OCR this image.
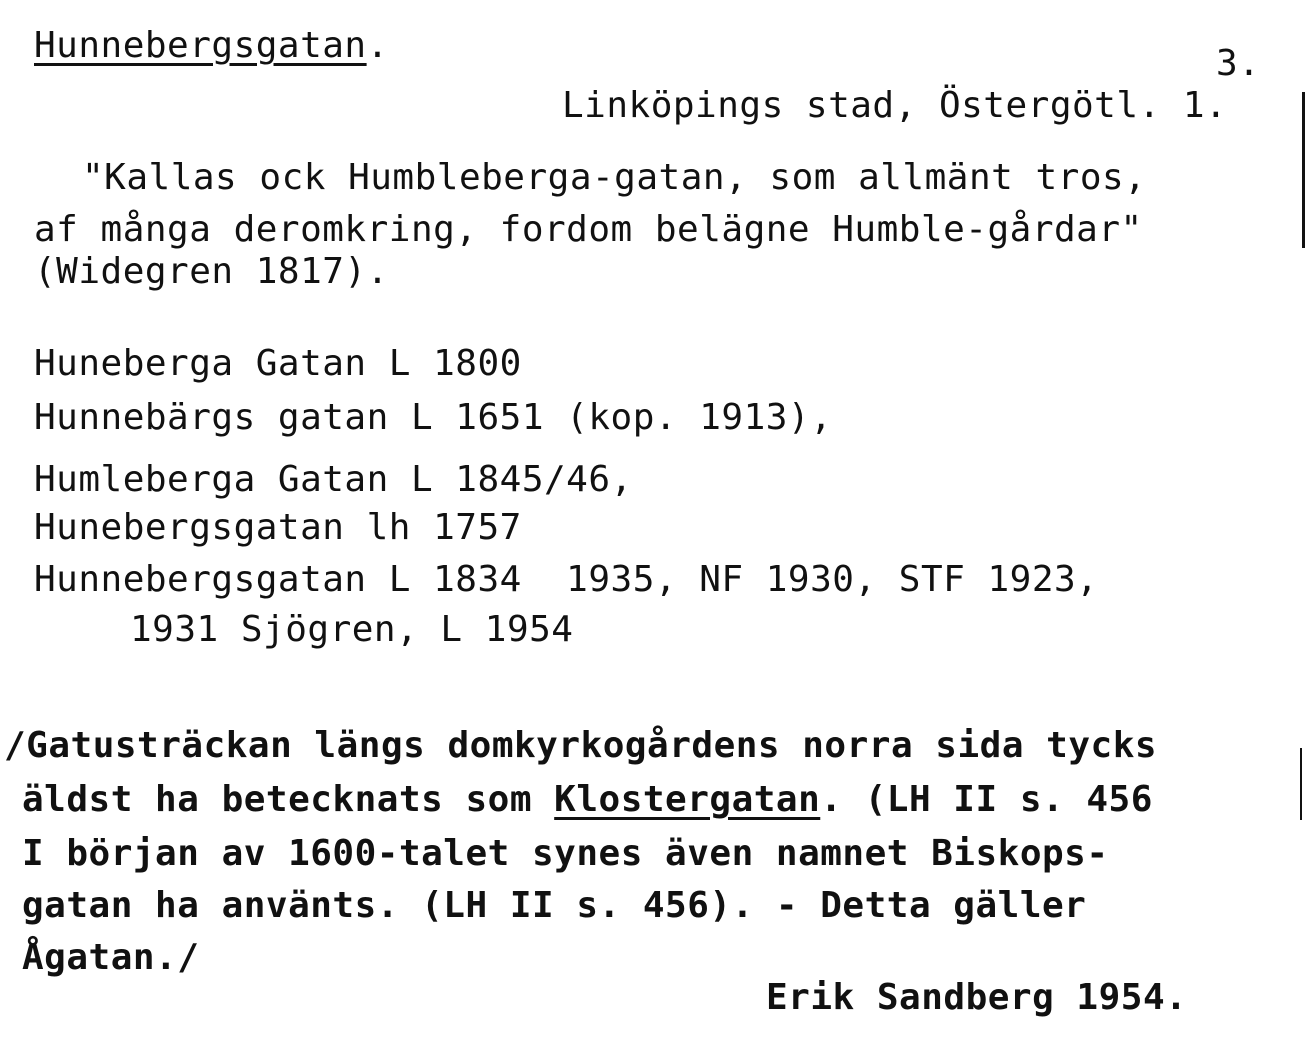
Hunnebergsgatan.	3.
Linköpings stad, Östergötl. 1.
"Kallas ock Humbleberga-gatan, som allmänt tros,
af många deromkring, fordom belägne Humble-gårdar"
(Widegren 1817).
Huneberga Gatan L 1800
Hunnebärgs gatan L 1651 (kop. 1913),
Humleberga Gatan L 1845/46,
Hunebergsgatan lh 1757
Hunnebergsgatan L 1834  1935, NF 1930, STF 1923,
1931 Sjögren, L 1954
/Gatusträckan längs domkyrkogårdens norra sida tycks
äldst ha betecknats som Klostergatan. (LH II s. 456
I början av 1600-talet synes även namnet Biskops-
gatan ha använts. (LH II s. 456). - Detta gäller
Ågatan./
Erik Sandberg 1954.
